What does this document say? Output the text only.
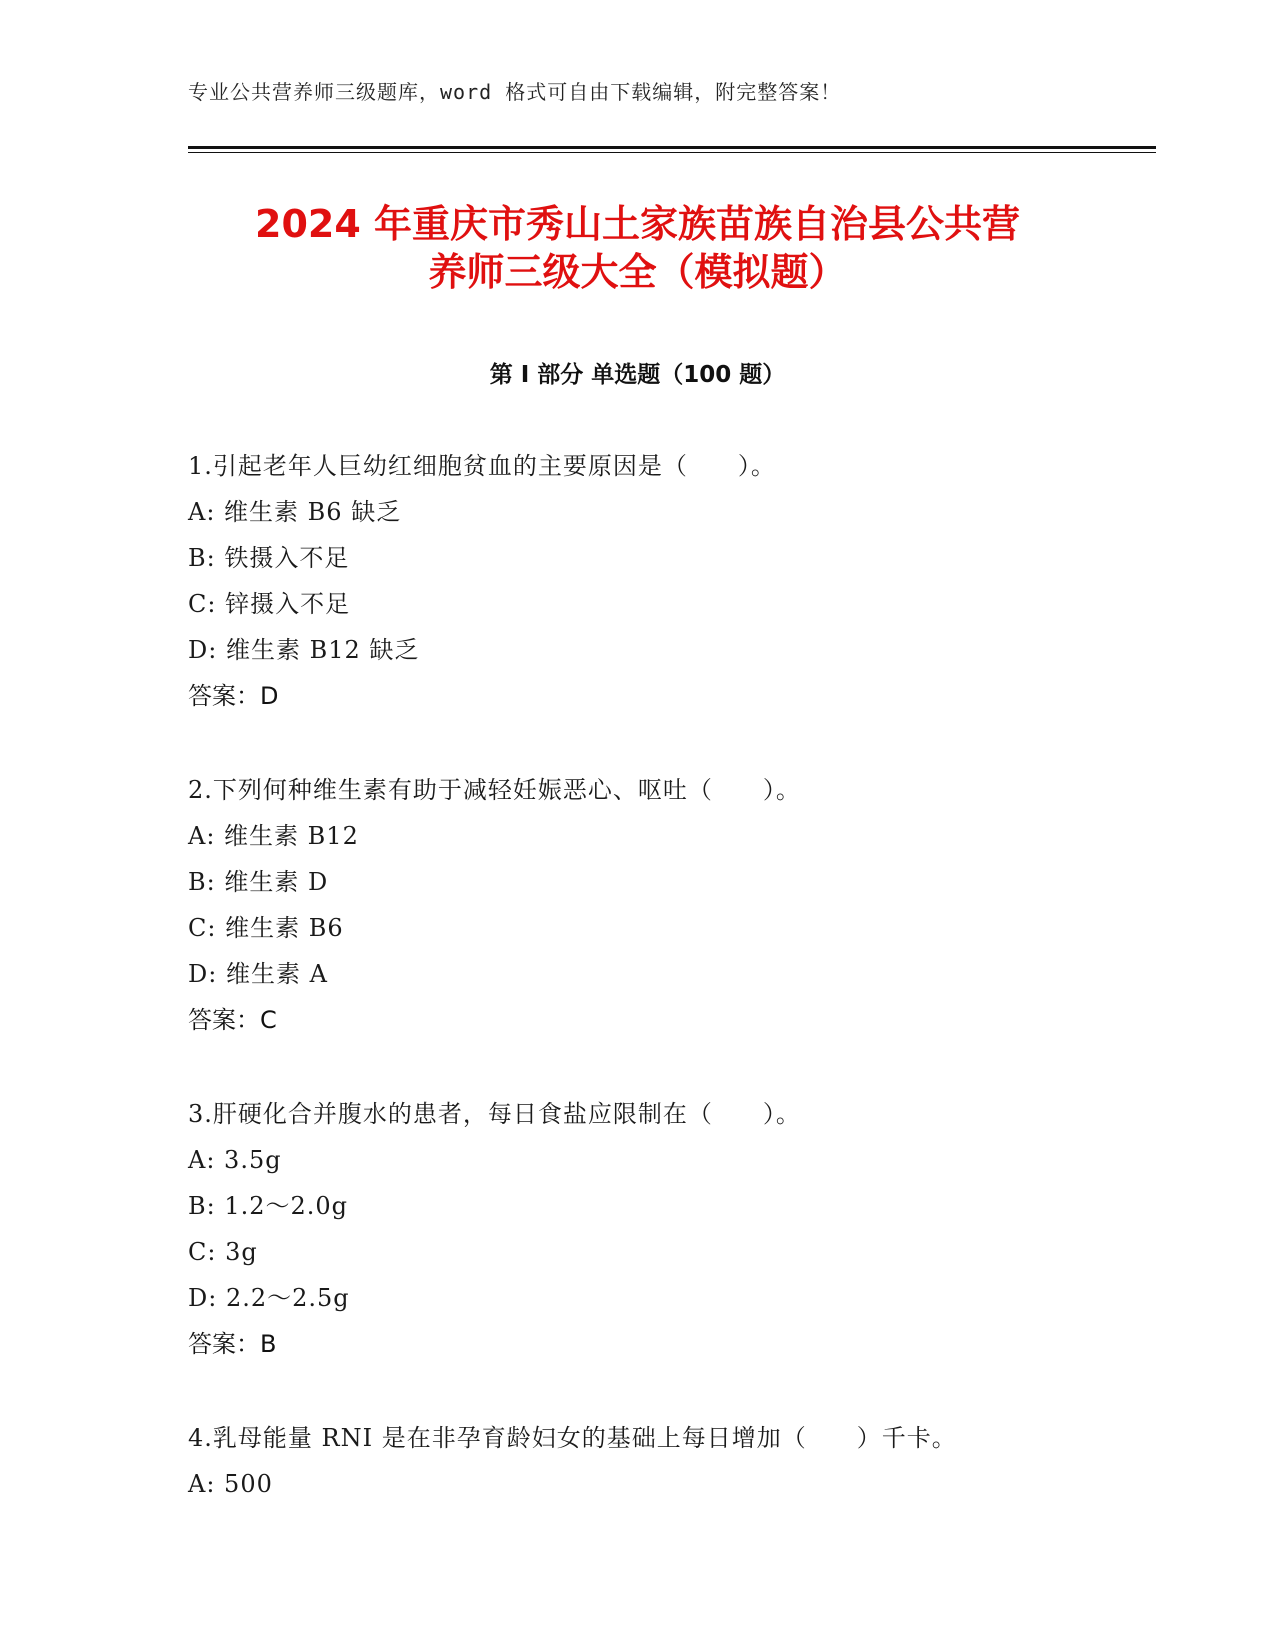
专业公共营养师三级题库，word 格式可自由下载编辑，附完整答案！
2024 年重庆市秀山土家族苗族自治县公共营
养师三级大全（模拟题）
第 I 部分 单选题（100 题）
1.引起老年人巨幼红细胞贫血的主要原因是（　　）。
A: 维生素 B6 缺乏
B: 铁摄入不足
C: 锌摄入不足
D: 维生素 B12 缺乏
答案：D
2.下列何种维生素有助于减轻妊娠恶心、呕吐（　　）。
A: 维生素 B12
B: 维生素 D
C: 维生素 B6
D: 维生素 A
答案：C
3.肝硬化合并腹水的患者，每日食盐应限制在（　　）。
A: 3.5g
B: 1.2～2.0g
C: 3g
D: 2.2～2.5g
答案：B
4.乳母能量 RNI 是在非孕育龄妇女的基础上每日增加（　　）千卡。
A: 500
